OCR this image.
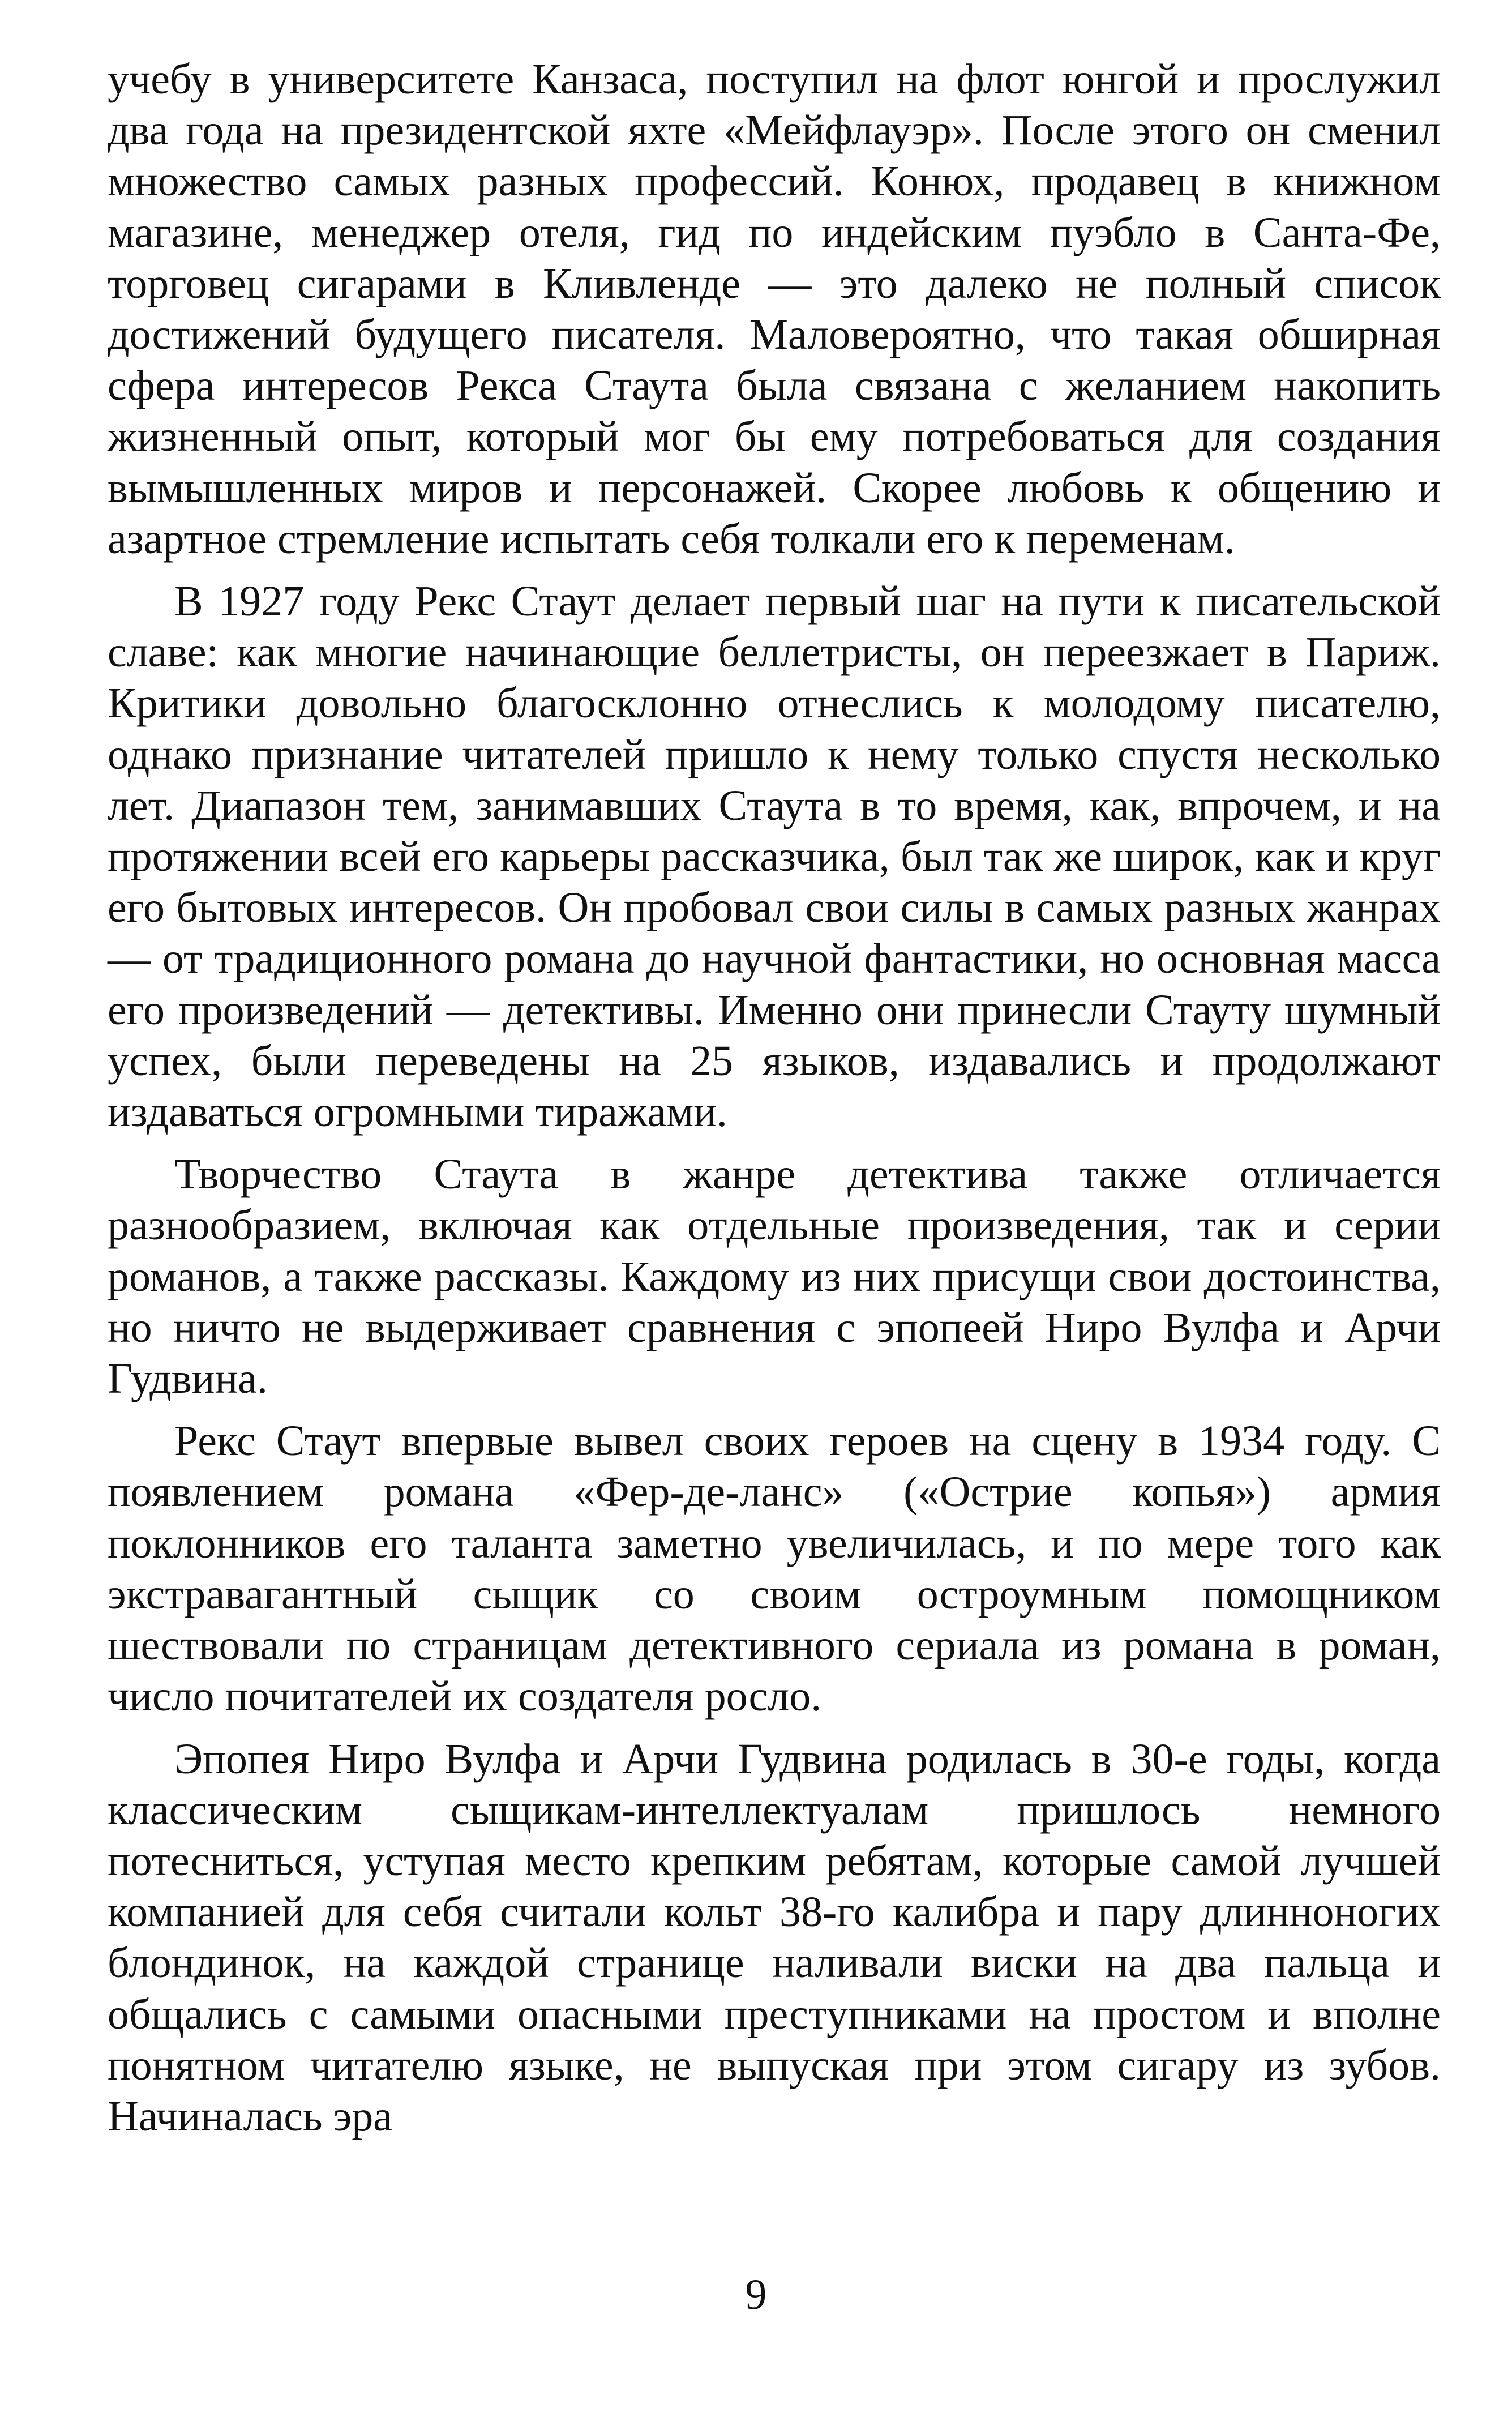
учебу в университете Канзаса, поступил на флот юнгой и прослужил два года на президентской яхте «Мейфлауэр». После этого он сменил множество самых разных профессий. Конюх, продавец в книжном магазине, менеджер отеля, гид по индейским пуэбло в Санта-Фе, торговец сигарами в Кливленде — это далеко не полный список достижений будущего писателя. Маловероятно, что такая обширная сфера интересов Рекса Стаута была связана с желанием накопить жизненный опыт, который мог бы ему потребоваться для создания вымышленных миров и персонажей. Скорее любовь к общению и азартное стремление испытать себя толкали его к переменам.

В 1927 году Рекс Стаут делает первый шаг на пути к писательской славе: как многие начинающие беллетристы, он переезжает в Париж. Критики довольно благосклонно отнеслись к молодому писателю, однако признание читателей пришло к нему только спустя несколько лет. Диапазон тем, занимавших Стаута в то время, как, впрочем, и на протяжении всей его карьеры рассказчика, был так же широк, как и круг его бытовых интересов. Он пробовал свои силы в самых разных жанрах — от традиционного романа до научной фантастики, но основная масса его произведений — детективы. Именно они принесли Стауту шумный успех, были переведены на 25 языков, издавались и продолжают издаваться огромными тиражами.

Творчество Стаута в жанре детектива также отличается разнообразием, включая как отдельные произведения, так и серии романов, а также рассказы. Каждому из них присущи свои достоинства, но ничто не выдерживает сравнения с эпопеей Ниро Вулфа и Арчи Гудвина.

Рекс Стаут впервые вывел своих героев на сцену в 1934 году. С появлением романа «Фер-де-ланс» («Острие копья») армия поклонников его таланта заметно увеличилась, и по мере того как экстравагантный сыщик со своим остроумным помощником шествовали по страницам детективного сериала из романа в роман, число почитателей их создателя росло.

Эпопея Ниро Вулфа и Арчи Гудвина родилась в 30-е годы, когда классическим сыщикам-интеллектуалам пришлось немного потесниться, уступая место крепким ребятам, которые самой лучшей компанией для себя считали кольт 38-го калибра и пару длинноногих блондинок, на каждой странице наливали виски на два пальца и общались с самыми опасными преступниками на простом и вполне понятном читателю языке, не выпуская при этом сигару из зубов. Начиналась эра

9
